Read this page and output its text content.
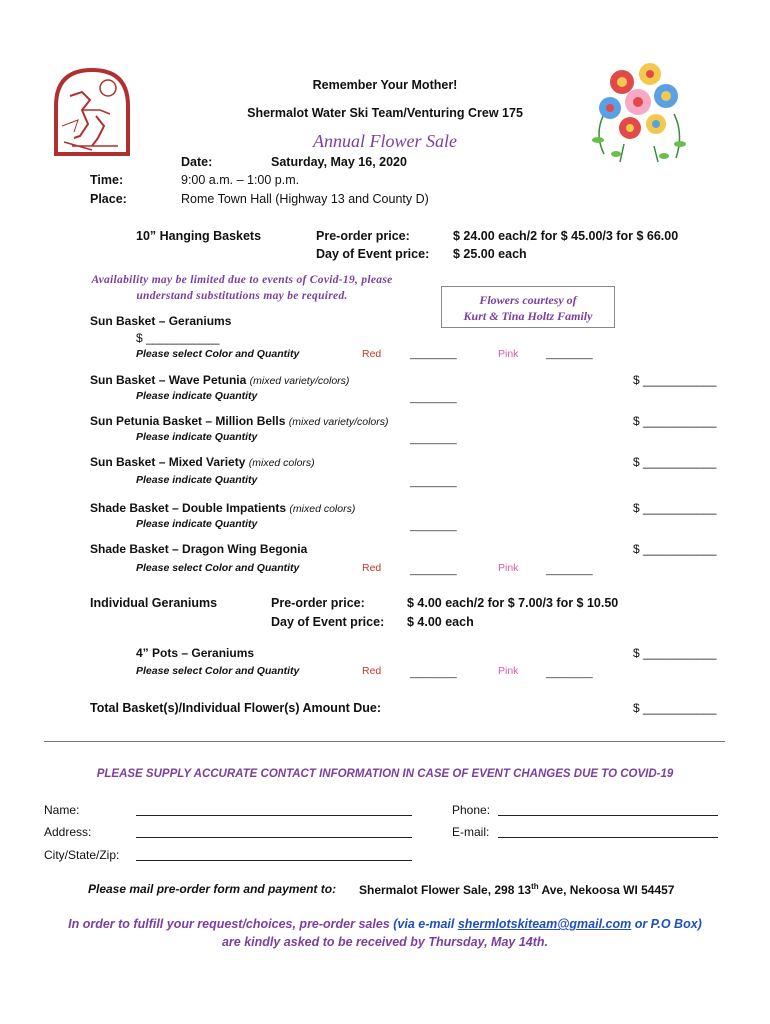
Remember Your Mother!
Shermalot Water Ski Team/Venturing Crew 175
Annual Flower Sale
Date:	Saturday, May 16, 2020
Time:	9:00 a.m. – 1:00 p.m.
Place:	Rome Town Hall (Highway 13 and County D)
10” Hanging Baskets	Pre-order price:	$ 24.00 each/2 for $ 45.00/3 for $ 66.00
Day of Event price: $ 25.00 each
Availability may be limited due to events of Covid-19, please understand substitutions may be required.	Flowers courtesy of
Kurt & Tina Holtz Family
Sun Basket – Geraniums
$ ___________
Please select Color and Quantity	Red	________	Pink	________
Sun Basket – Wave Petunia (mixed variety/colors)	$ ___________
Please indicate Quantity	________
Sun Petunia Basket – Million Bells (mixed variety/colors)	$ ___________
Please indicate Quantity	________
Sun Basket – Mixed Variety (mixed colors)	$ ___________
Please indicate Quantity	________
Shade Basket – Double Impatients (mixed colors)	$ ___________
Please indicate Quantity	________
Shade Basket – Dragon Wing Begonia	$ ___________
Please select Color and Quantity	Red	________	Pink	________
Individual Geraniums	Pre-order price:	$ 4.00 each/2 for $ 7.00/3 for $ 10.50
Day of Event price: $ 4.00 each
4” Pots – Geraniums	$ ___________
Please select Color and Quantity	Red	________	Pink	________
Total Basket(s)/Individual Flower(s) Amount Due:	$ ___________
PLEASE SUPPLY ACCURATE CONTACT INFORMATION IN CASE OF EVENT CHANGES DUE TO COVID-19
Name:	Phone:
Address:	E-mail:
City/State/Zip:
Please mail pre-order form and payment to: Shermalot Flower Sale, 298 13th Ave, Nekoosa WI 54457
In order to fulfill your request/choices, pre-order sales (via e-mail shermlotskiteam@gmail.com or P.O Box)
are kindly asked to be received by Thursday, May 14th.
